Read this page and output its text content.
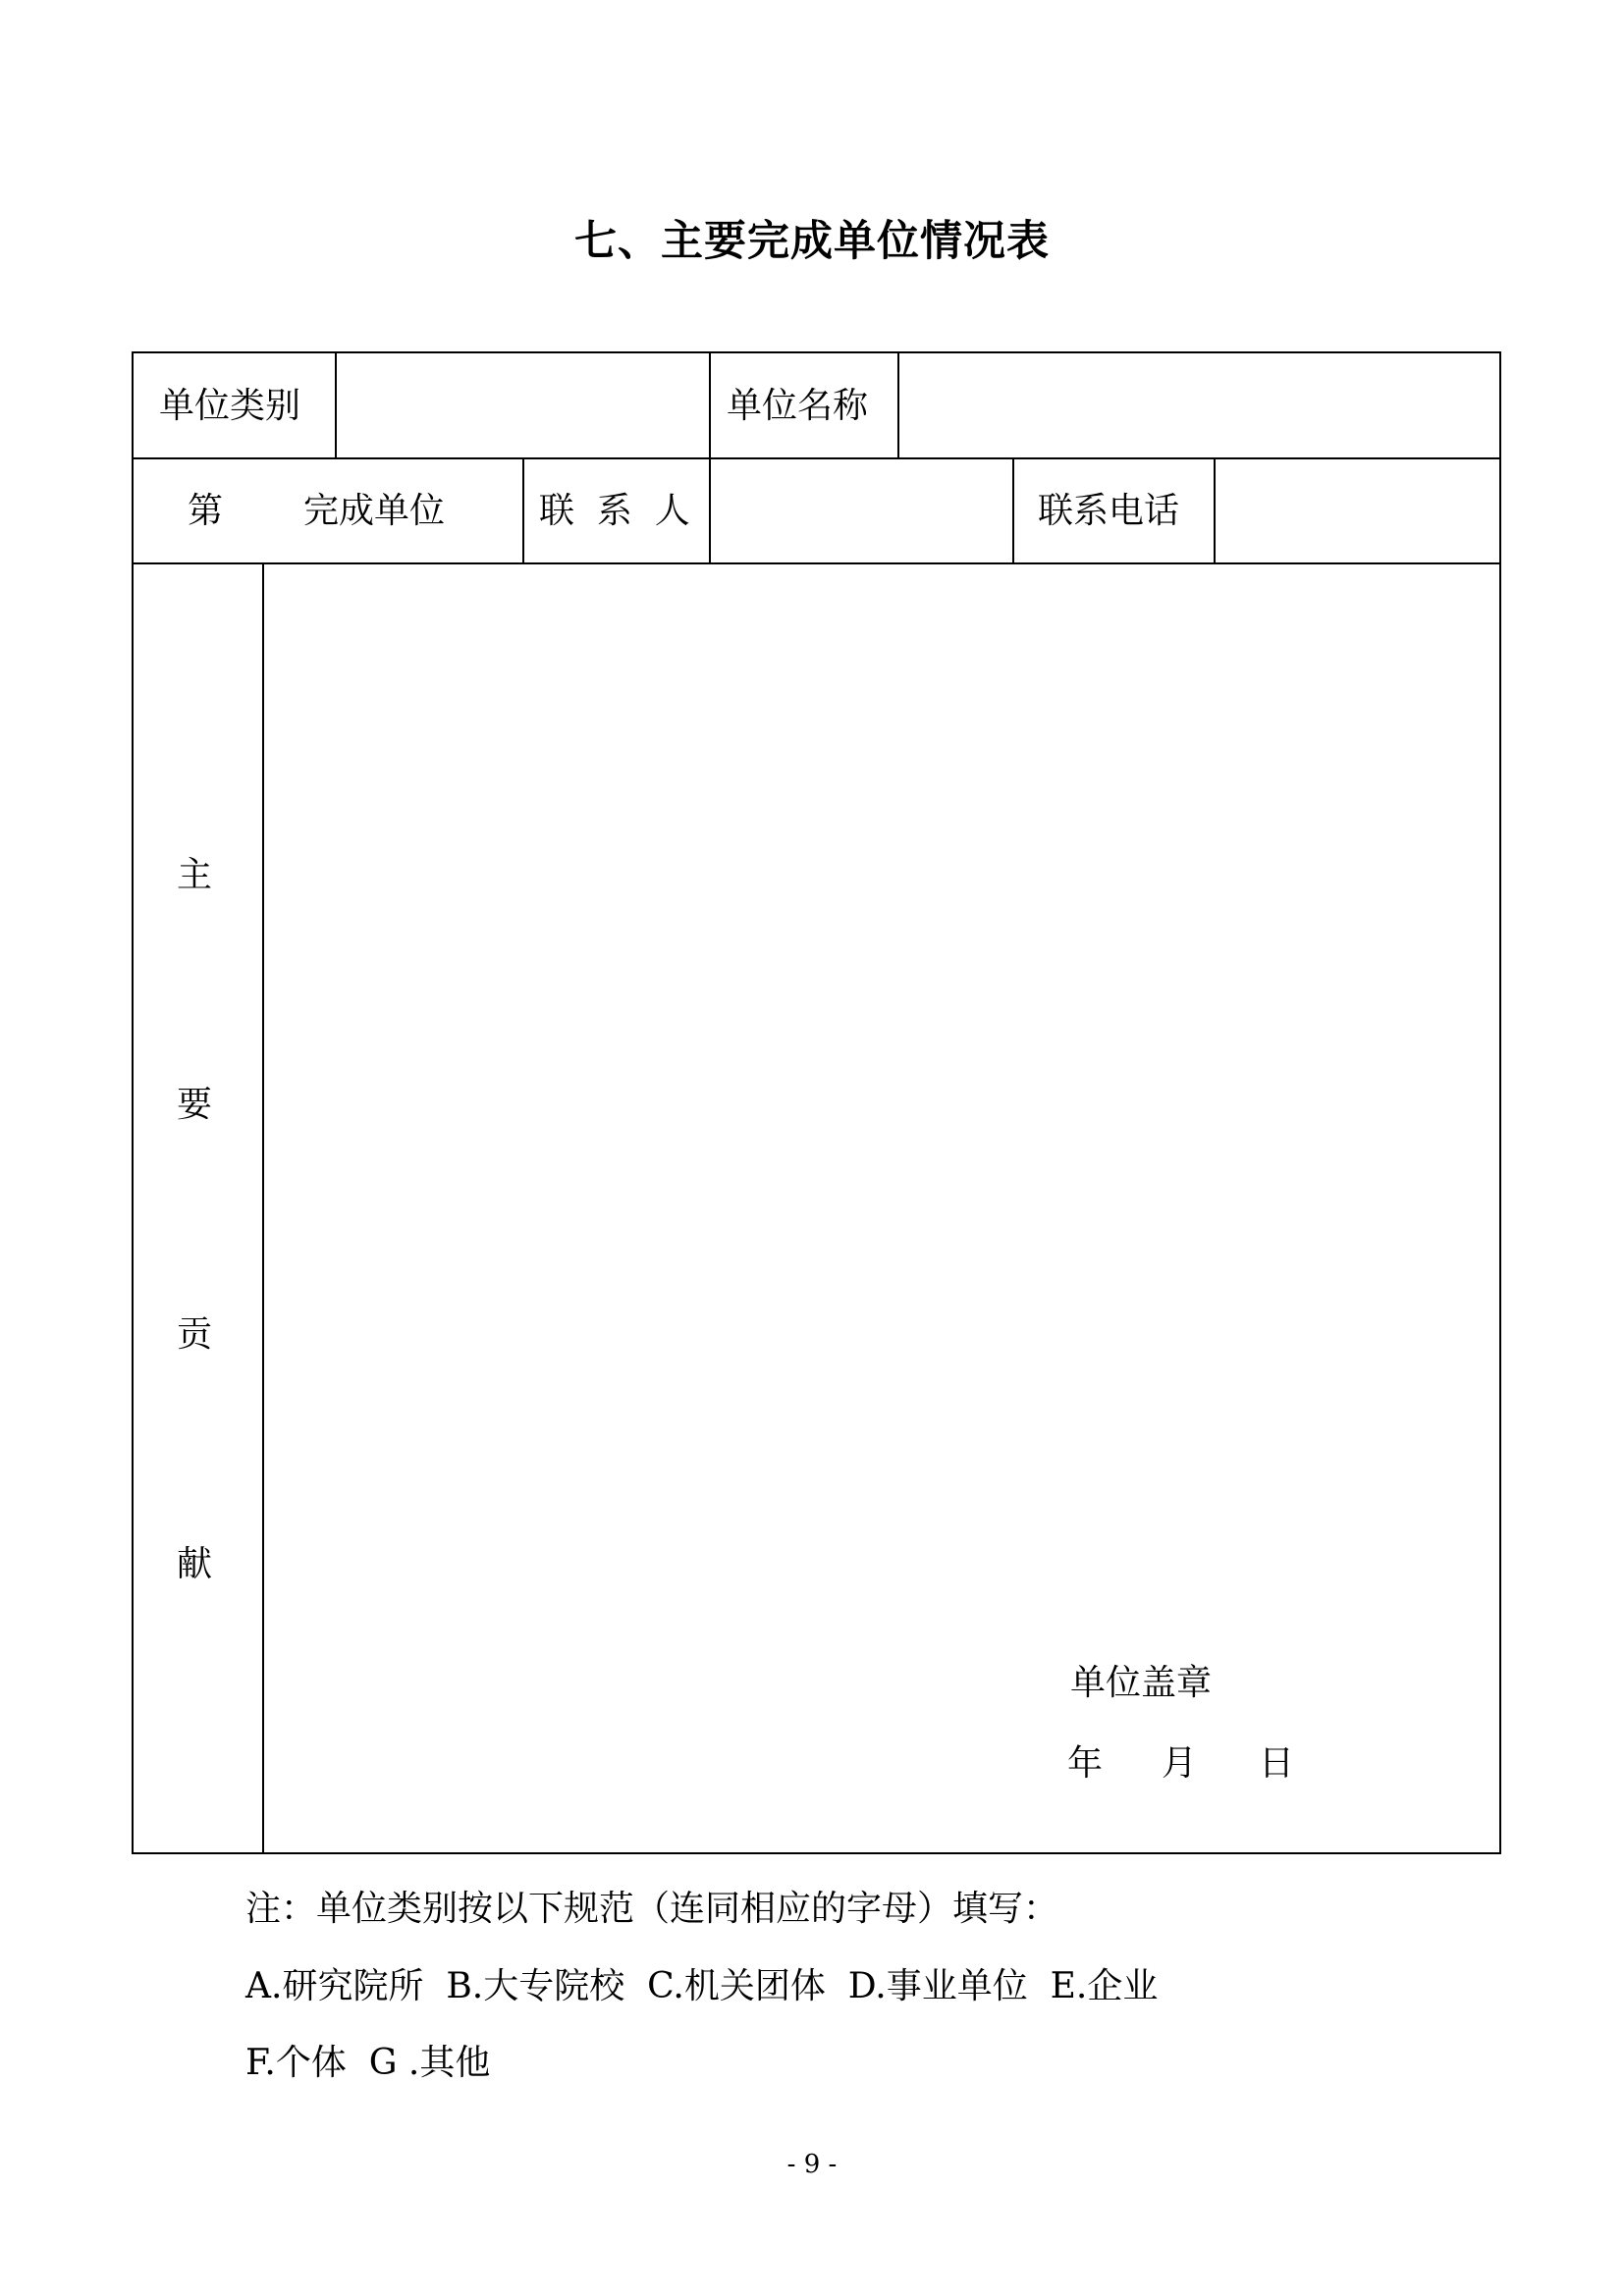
七、主要完成单位情况表
单位类别	单位名称
第 完成单位	联  系  人	联系电话
单位盖章
年 月 日
主
要
贡
献
注：单位类别按以下规范（连同相应的字母）填写：
A.研究院所  B.大专院校  C.机关团体  D.事业单位  E.企业
F.个体  G .其他
- 9 -
